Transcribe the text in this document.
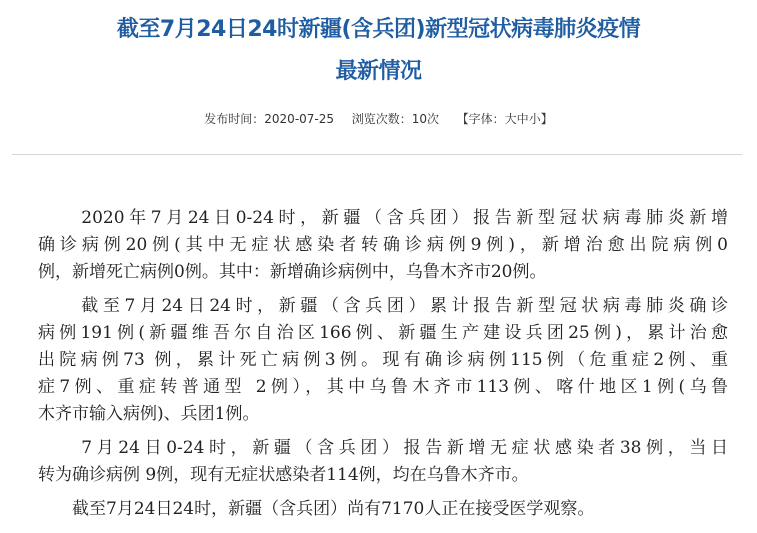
截至7月24日24时新疆(含兵团)新型冠状病毒肺炎疫情
最新情况
发布时间：2020-07-25 浏览次数：10次 【字体：大中小】
　　2020年7月24日0-24时，新疆（含兵团）报告新型冠状病毒肺炎新增
确诊病例20例(其中无症状感染者转确诊病例9例)，新增治愈出院病例0
例，新增死亡病例0例。其中：新增确诊病例中，乌鲁木齐市20例。
　　截至7月24日24时，新疆（含兵团）累计报告新型冠状病毒肺炎确诊
病例191例(新疆维吾尔自治区166例、新疆生产建设兵团25例)，累计治愈
出院病例73 例，累计死亡病例3例。现有确诊病例115例（危重症2例、重
症7例、重症转普通型 2例），其中乌鲁木齐市113例、喀什地区1例(乌鲁
木齐市输入病例)、兵团1例。
　　7月24日0-24时，新疆（含兵团）报告新增无症状感染者38例，当日
转为确诊病例 9例，现有无症状感染者114例，均在乌鲁木齐市。
　　截至7月24日24时，新疆（含兵团）尚有7170人正在接受医学观察。
